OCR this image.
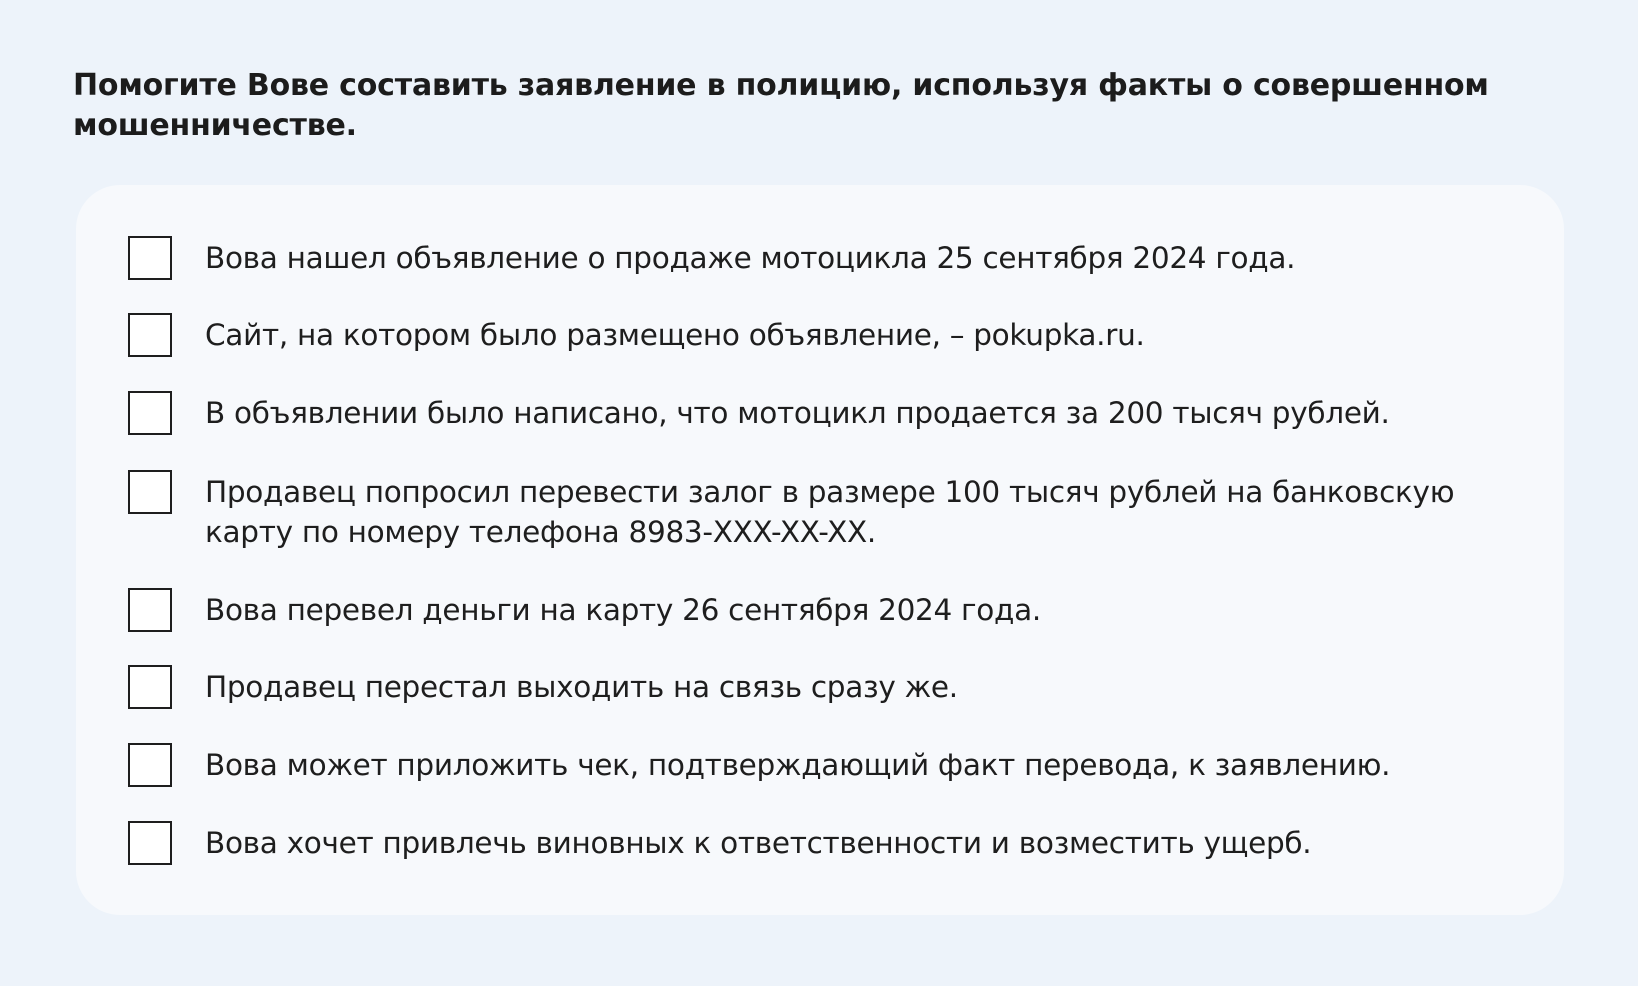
Помогите Вове составить заявление в полицию, используя факты о совершенном мошенничестве.
Вова нашел объявление о продаже мотоцикла 25 сентября 2024 года.
Сайт, на котором было размещено объявление, – pokupka.ru.
В объявлении было написано, что мотоцикл продается за 200 тысяч рублей.
Продавец попросил перевести залог в размере 100 тысяч рублей на банковскую карту по номеру телефона 8983-XXX-XX-XX.
Вова перевел деньги на карту 26 сентября 2024 года.
Продавец перестал выходить на связь сразу же.
Вова может приложить чек, подтверждающий факт перевода, к заявлению.
Вова хочет привлечь виновных к ответственности и возместить ущерб.
